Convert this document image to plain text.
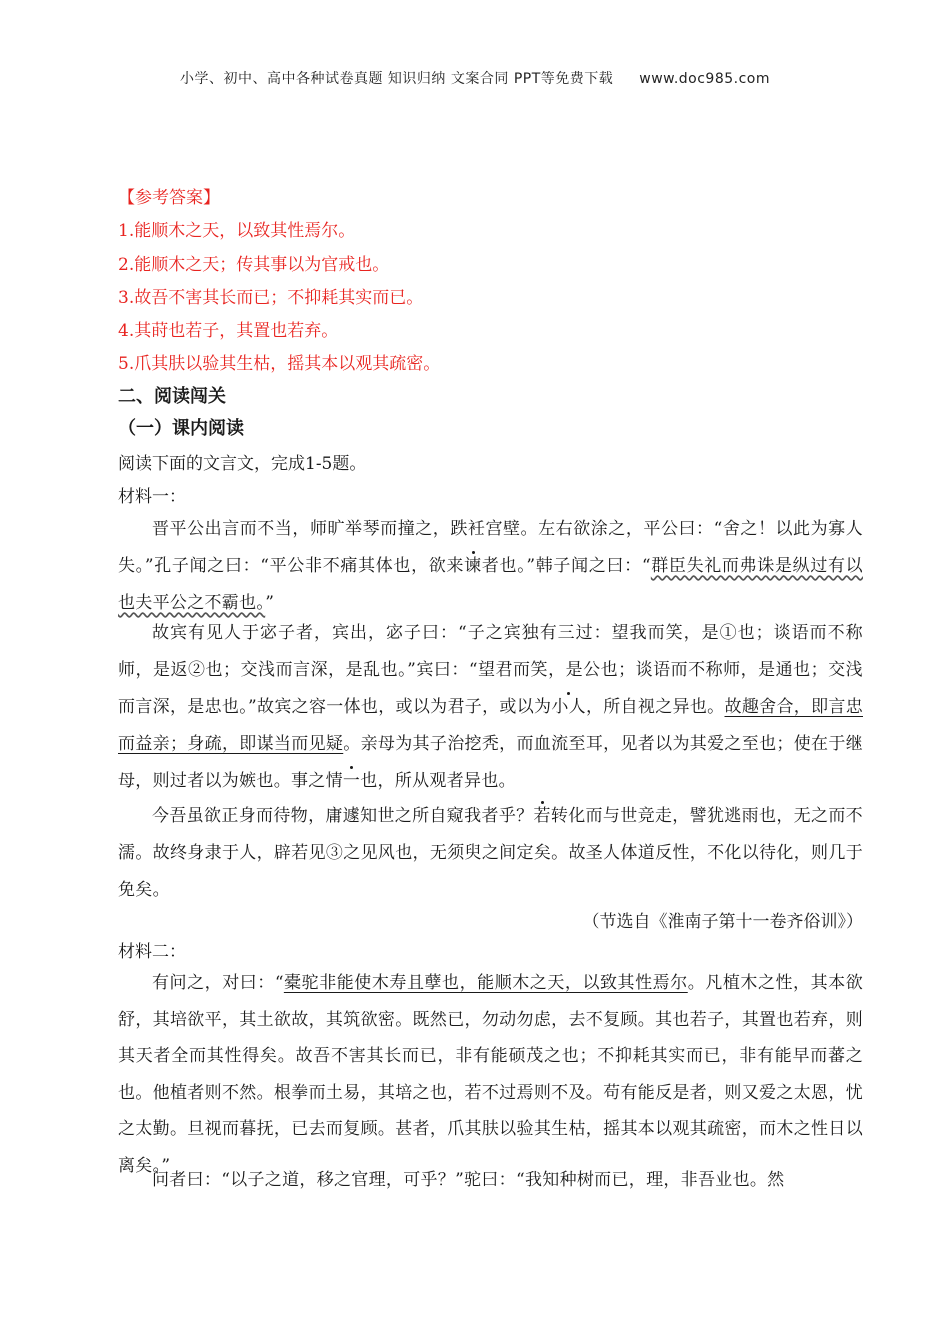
小学、初中、高中各种试卷真题 知识归纳 文案合同 PPT等免费下载 www.doc985.com
【参考答案】
1.能顺木之天，以致其性焉尔。
2.能顺木之天；传其事以为官戒也。
3.故吾不害其长而已；不抑耗其实而已。
4.其莳也若子，其置也若弃。
5.爪其肤以验其生枯，摇其本以观其疏密。
二、阅读闯关
（一）课内阅读
阅读下面的文言文，完成1-5题。
材料一：
晋平公出言而不当，师旷举琴而撞之，跌衽宫壁。左右欲涂之，平公曰：“舍之！以此为寡人失。”孔子闻之曰：“平公非不痛其体也，欲来谏者也。”韩子闻之曰：“群臣失礼而弗诛是纵过有以也夫平公之不霸也。”
故宾有见人于宓子者，宾出，宓子曰：“子之宾独有三过：望我而笑，是①也；谈语而不称师，是返②也；交浅而言深，是乱也。”宾曰：“望君而笑，是公也；谈语而不称师，是通也；交浅而言深，是忠也。”故宾之容一体也，或以为君子，或以为小人，所自视之异也。故趣舍合，即言忠而益亲；身疏，即谋当而见疑。亲母为其子治挖秃，而血流至耳，见者以为其爱之至也；使在于继母，则过者以为嫉也。事之情一也，所从观者异也。
今吾虽欲正身而待物，庸遽知世之所自窥我者乎？若转化而与世竞走，譬犹逃雨也，无之而不濡。故终身隶于人，辟若见③之见风也，无须臾之间定矣。故圣人体道反性，不化以待化，则几于免矣。
（节选自《淮南子第十一卷齐俗训》）
材料二：
有问之，对曰：“橐驼非能使木寿且孽也，能顺木之天，以致其性焉尔。凡植木之性，其本欲舒，其培欲平，其土欲故，其筑欲密。既然已，勿动勿虑，去不复顾。其也若子，其置也若弃，则其天者全而其性得矣。故吾不害其长而已，非有能硕茂之也；不抑耗其实而已，非有能早而蕃之也。他植者则不然。根拳而土易，其培之也，若不过焉则不及。苟有能反是者，则又爱之太恩，忧之太勤。旦视而暮抚，已去而复顾。甚者，爪其肤以验其生枯，摇其本以观其疏密，而木之性日以离矣。”
问者曰：“以子之道，移之官理，可乎？”驼曰：“我知种树而已，理，非吾业也。然
